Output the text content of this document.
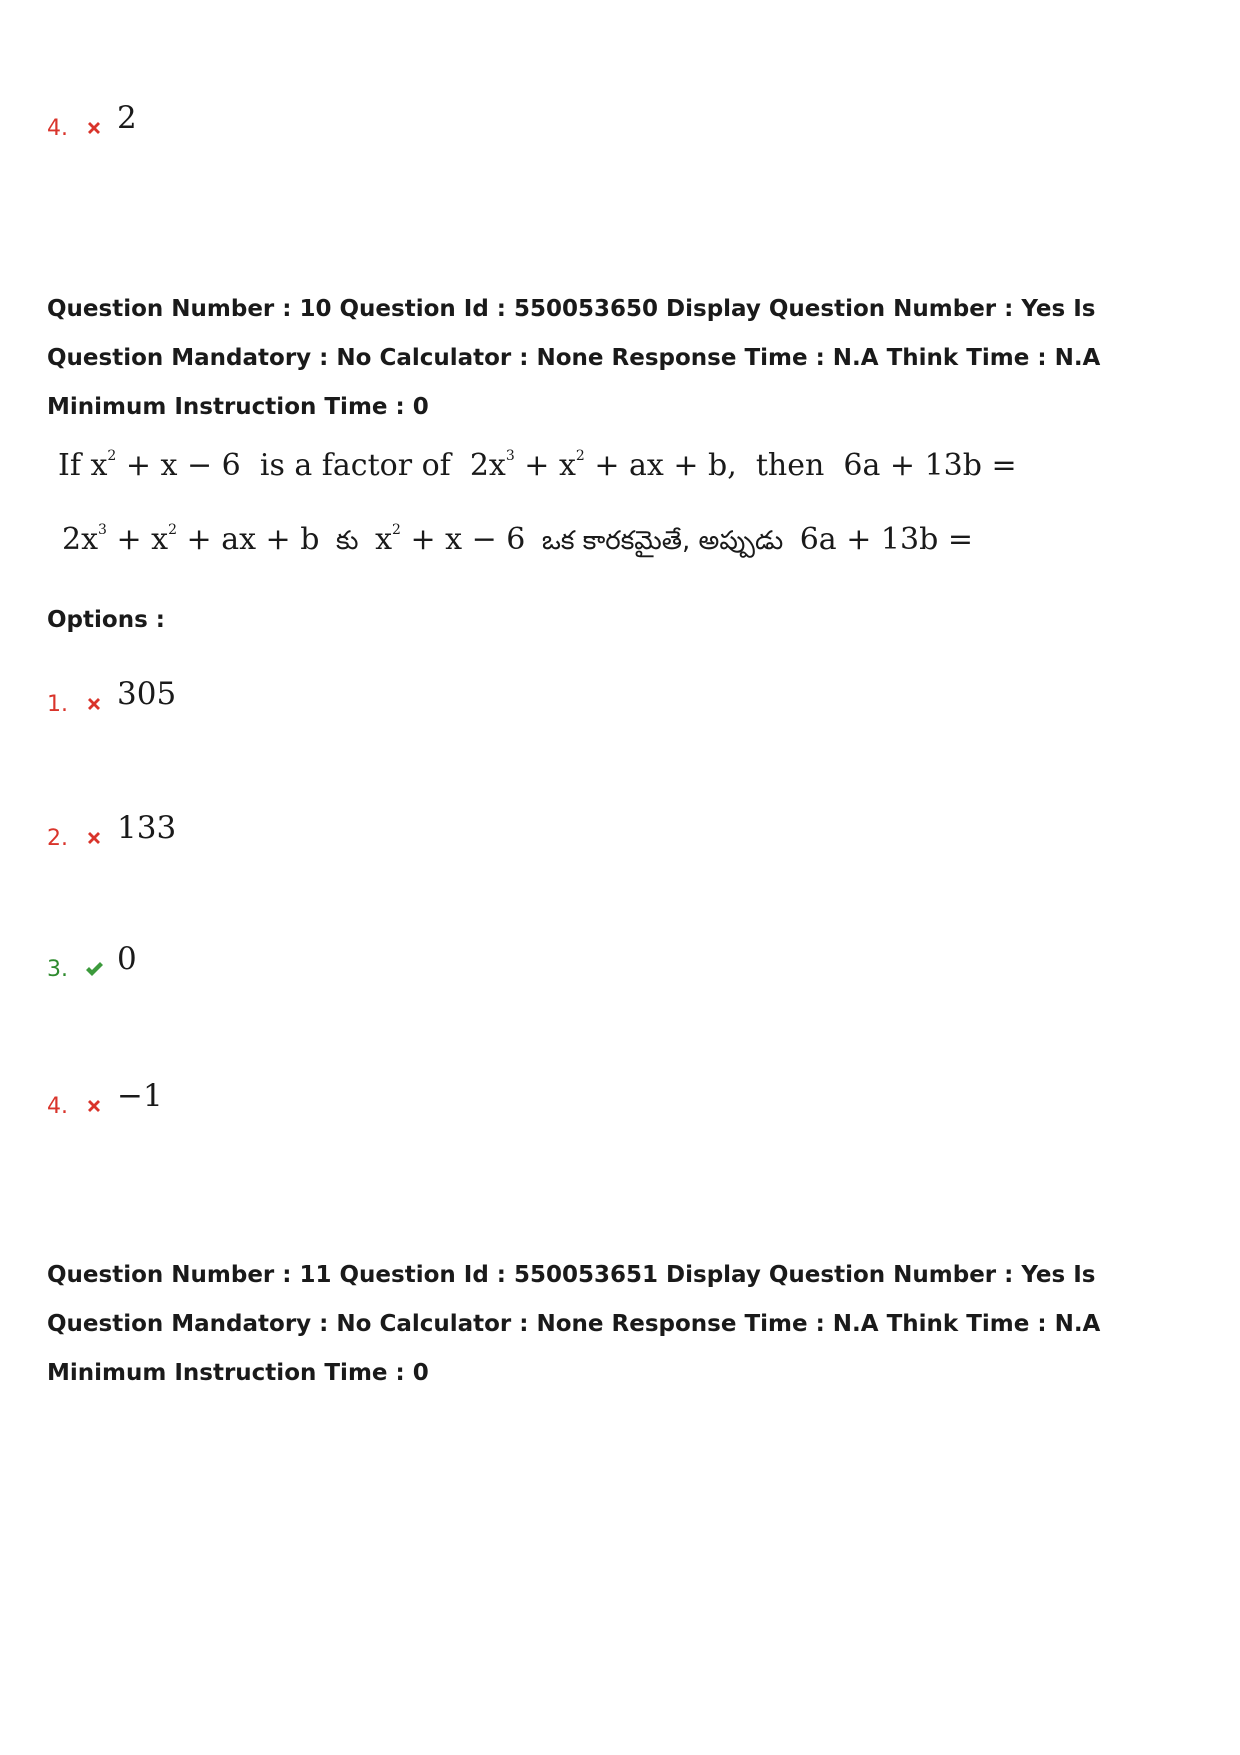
4. 2
Question Number : 10 Question Id : 550053650 Display Question Number : Yes Is Question Mandatory : No Calculator : None Response Time : N.A Think Time : N.A Minimum Instruction Time : 0
If $x^2 + x - 6$  is a factor of  $2x^3 + x^2$ + ax + b,  then  6a + 13b =
$2x^3 + x^2$ + ax + b  కు  $x^2 + x - 6$  ఒక కారకమైతే, అప్పుడు  6a + 13b =
Options :
1. 305
2. 133
3. 0
4. −1
Question Number : 11 Question Id : 550053651 Display Question Number : Yes Is Question Mandatory : No Calculator : None Response Time : N.A Think Time : N.A Minimum Instruction Time : 0
